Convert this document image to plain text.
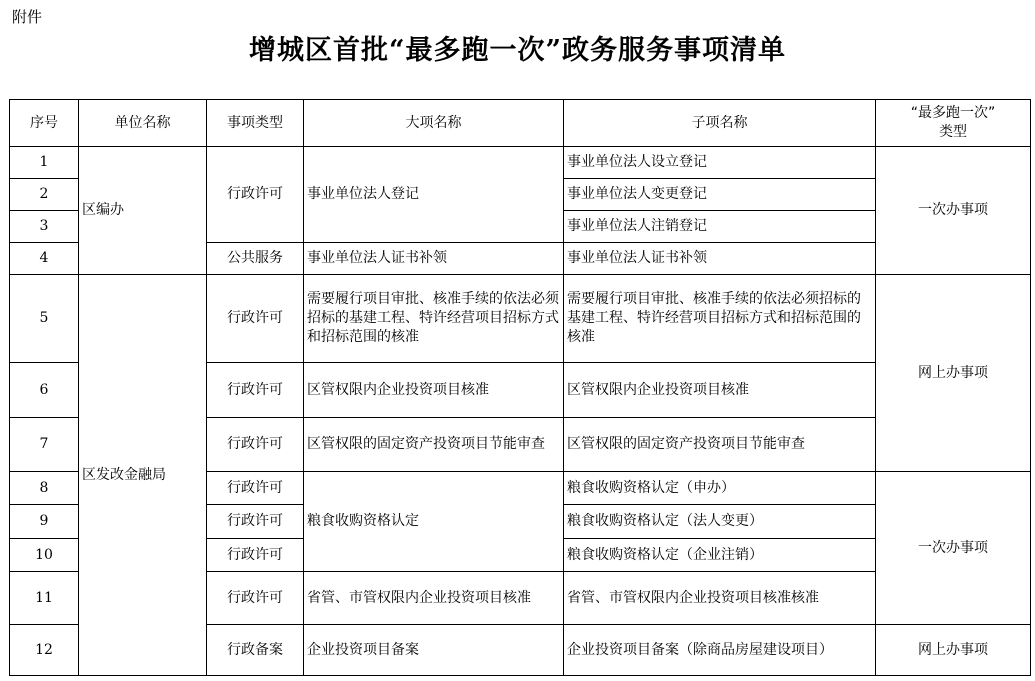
附件
增城区首批“最多跑一次”政务服务事项清单
序号	单位名称	事项类型	大项名称	子项名称	“最多跑一次”
类型

1	区编办	行政许可	事业单位法人登记	事业单位法人设立登记	一次办事项
2				事业单位法人变更登记	
3				事业单位法人注销登记	
4		公共服务	事业单位法人证书补领	事业单位法人证书补领	
5	区发改金融局	行政许可	需要履行项目审批、核准手续的依法必须招标的基建工程、特许经营项目招标方式和招标范围的核准	需要履行项目审批、核准手续的依法必须招标的基建工程、特许经营项目招标方式和招标范围的核准	网上办事项
6		行政许可	区管权限内企业投资项目核准	区管权限内企业投资项目核准	
7		行政许可	区管权限的固定资产投资项目节能审查	区管权限的固定资产投资项目节能审查	
8		行政许可	粮食收购资格认定	粮食收购资格认定（申办）	一次办事项
9		行政许可		粮食收购资格认定（法人变更）	
10		行政许可		粮食收购资格认定（企业注销）	
11		行政许可	省管、市管权限内企业投资项目核准	省管、市管权限内企业投资项目核准核准	
12		行政备案	企业投资项目备案	企业投资项目备案（除商品房屋建设项目）	网上办事项
